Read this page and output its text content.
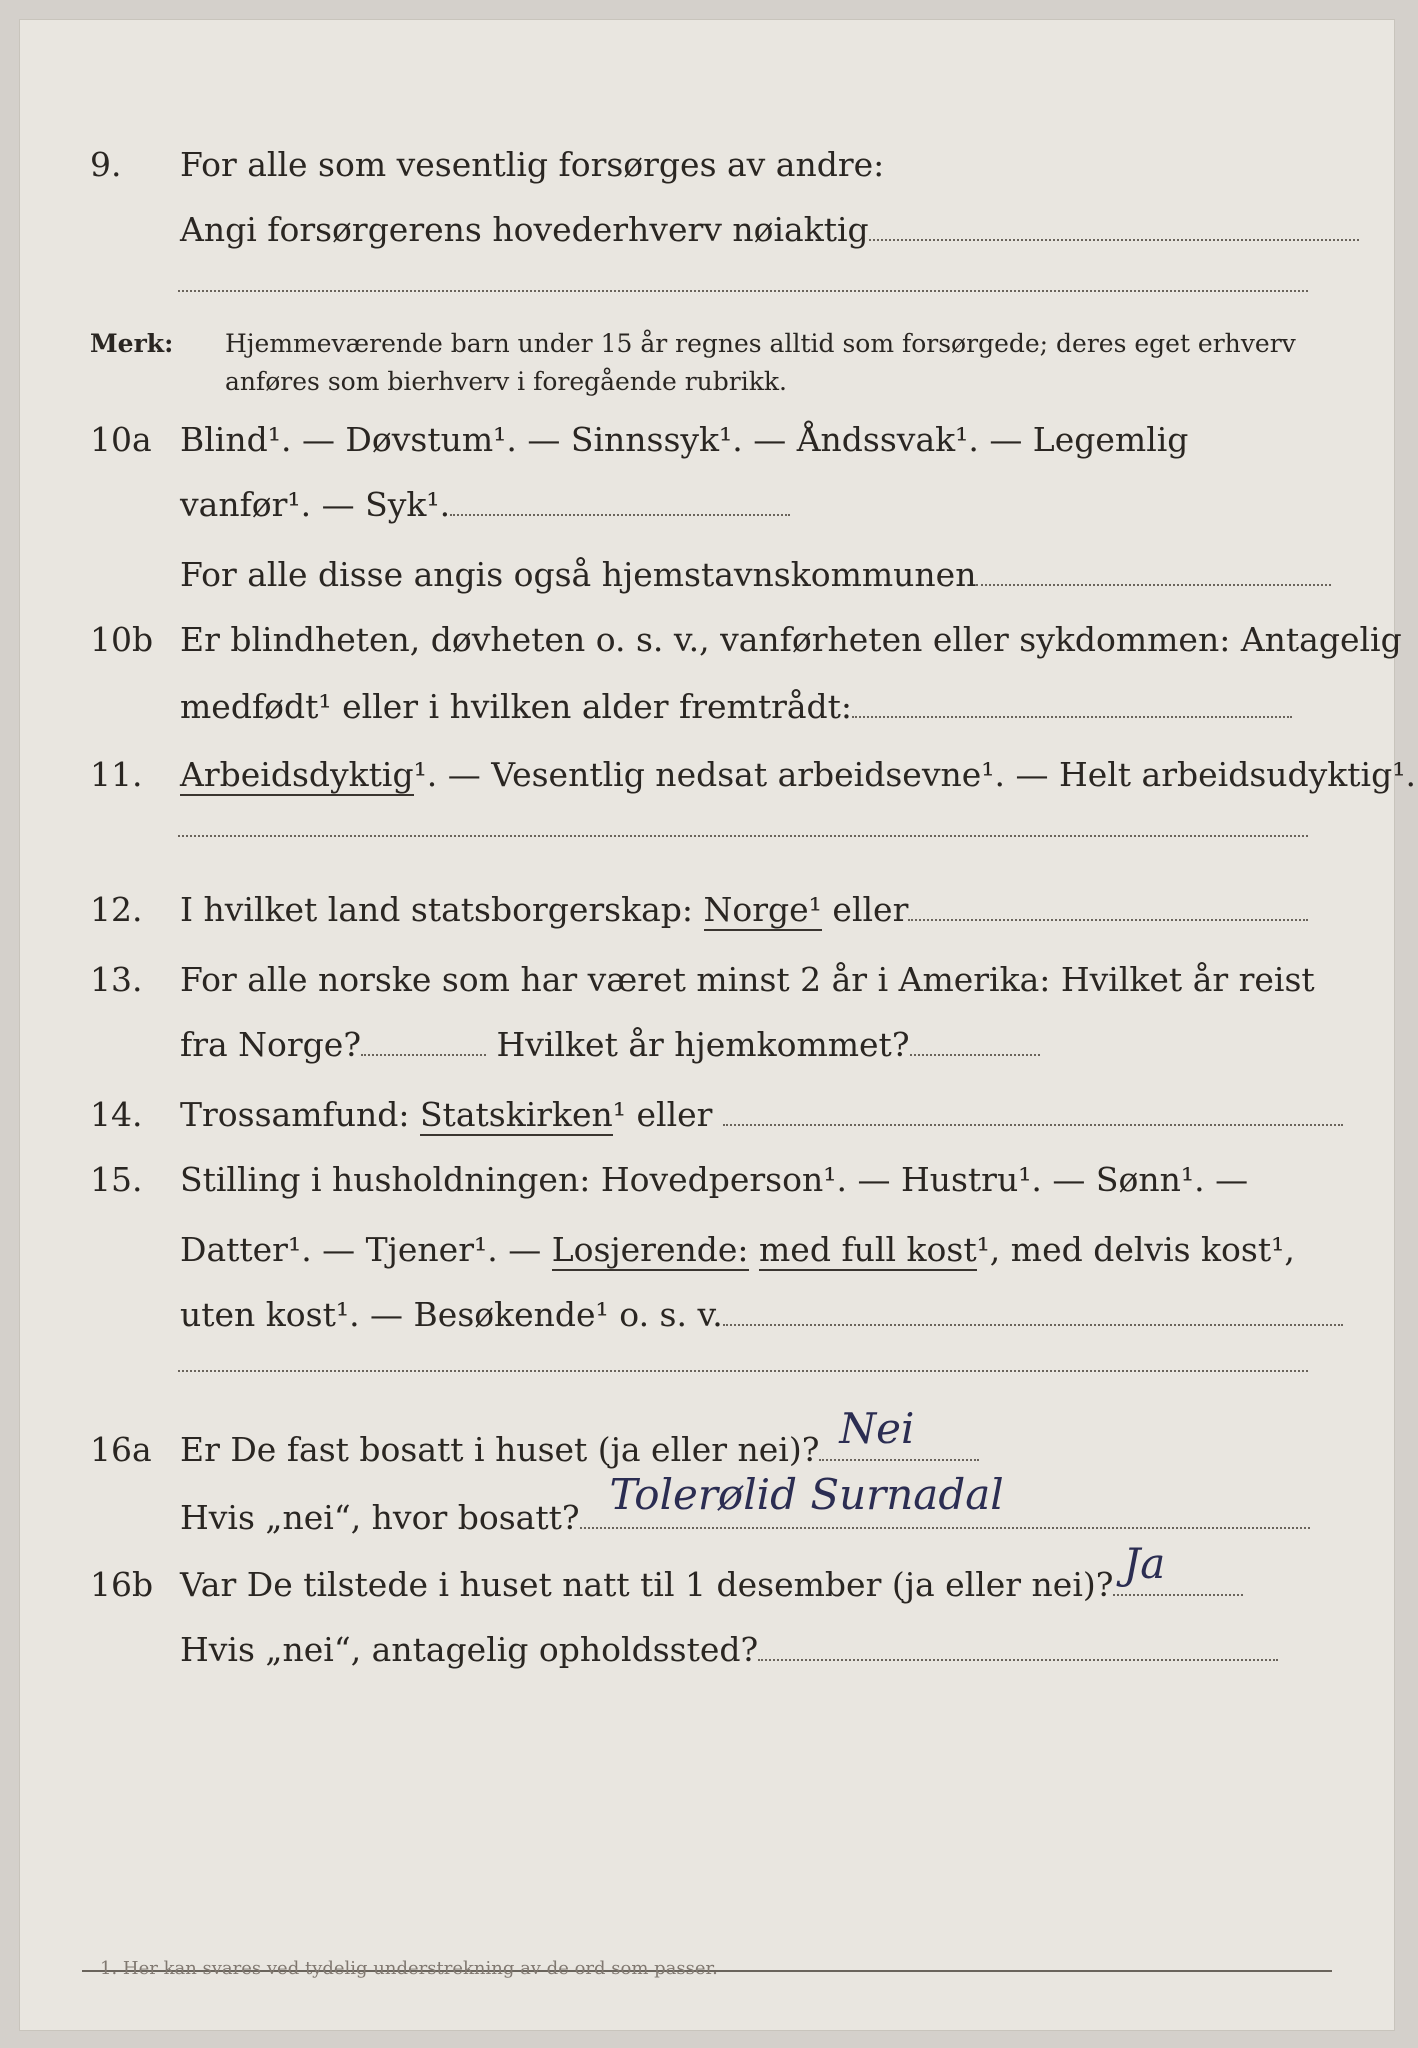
9.	For alle som vesentlig forsørges av andre:
Angi forsørgerens hovederhverv nøiaktig
Merk: Hjemmeværende barn under 15 år regnes alltid som forsørgede; deres eget erhverv
anføres som bierhverv i foregående rubrikk.
10a Blind¹. — Døvstum¹. — Sinnssyk¹. — Åndssvak¹. — Legemlig
vanfør¹. — Syk¹.
For alle disse angis også hjemstavnskommunen
10b Er blindheten, døvheten o. s. v., vanførheten eller sykdommen: Antagelig
medfødt¹ eller i hvilken alder fremtrådt:
11.	Arbeidsdyktig¹. — Vesentlig nedsat arbeidsevne¹. — Helt arbeidsudyktig¹.
12.	I hvilket land statsborgerskap: Norge¹ eller
13.	For alle norske som har været minst 2 år i Amerika: Hvilket år reist
fra Norge?	Hvilket år hjemkommet?
14.	Trossamfund: Statskirken¹ eller
15.	Stilling i husholdningen: Hovedperson¹. — Hustru¹. — Sønn¹. —
Datter¹. — Tjener¹. — Losjerende: med full kost¹, med delvis kost¹,
uten kost¹. — Besøkende¹ o. s. v.
16a Er De fast bosatt i huset (ja eller nei)? Nei
Hvis „nei“, hvor bosatt? Tolerølid Surnadal
16b Var De tilstede i huset natt til 1 desember (ja eller nei)? Ja
Hvis „nei“, antagelig opholdssted?
1. Her kan svares ved tydelig understrekning av de ord som passer.
